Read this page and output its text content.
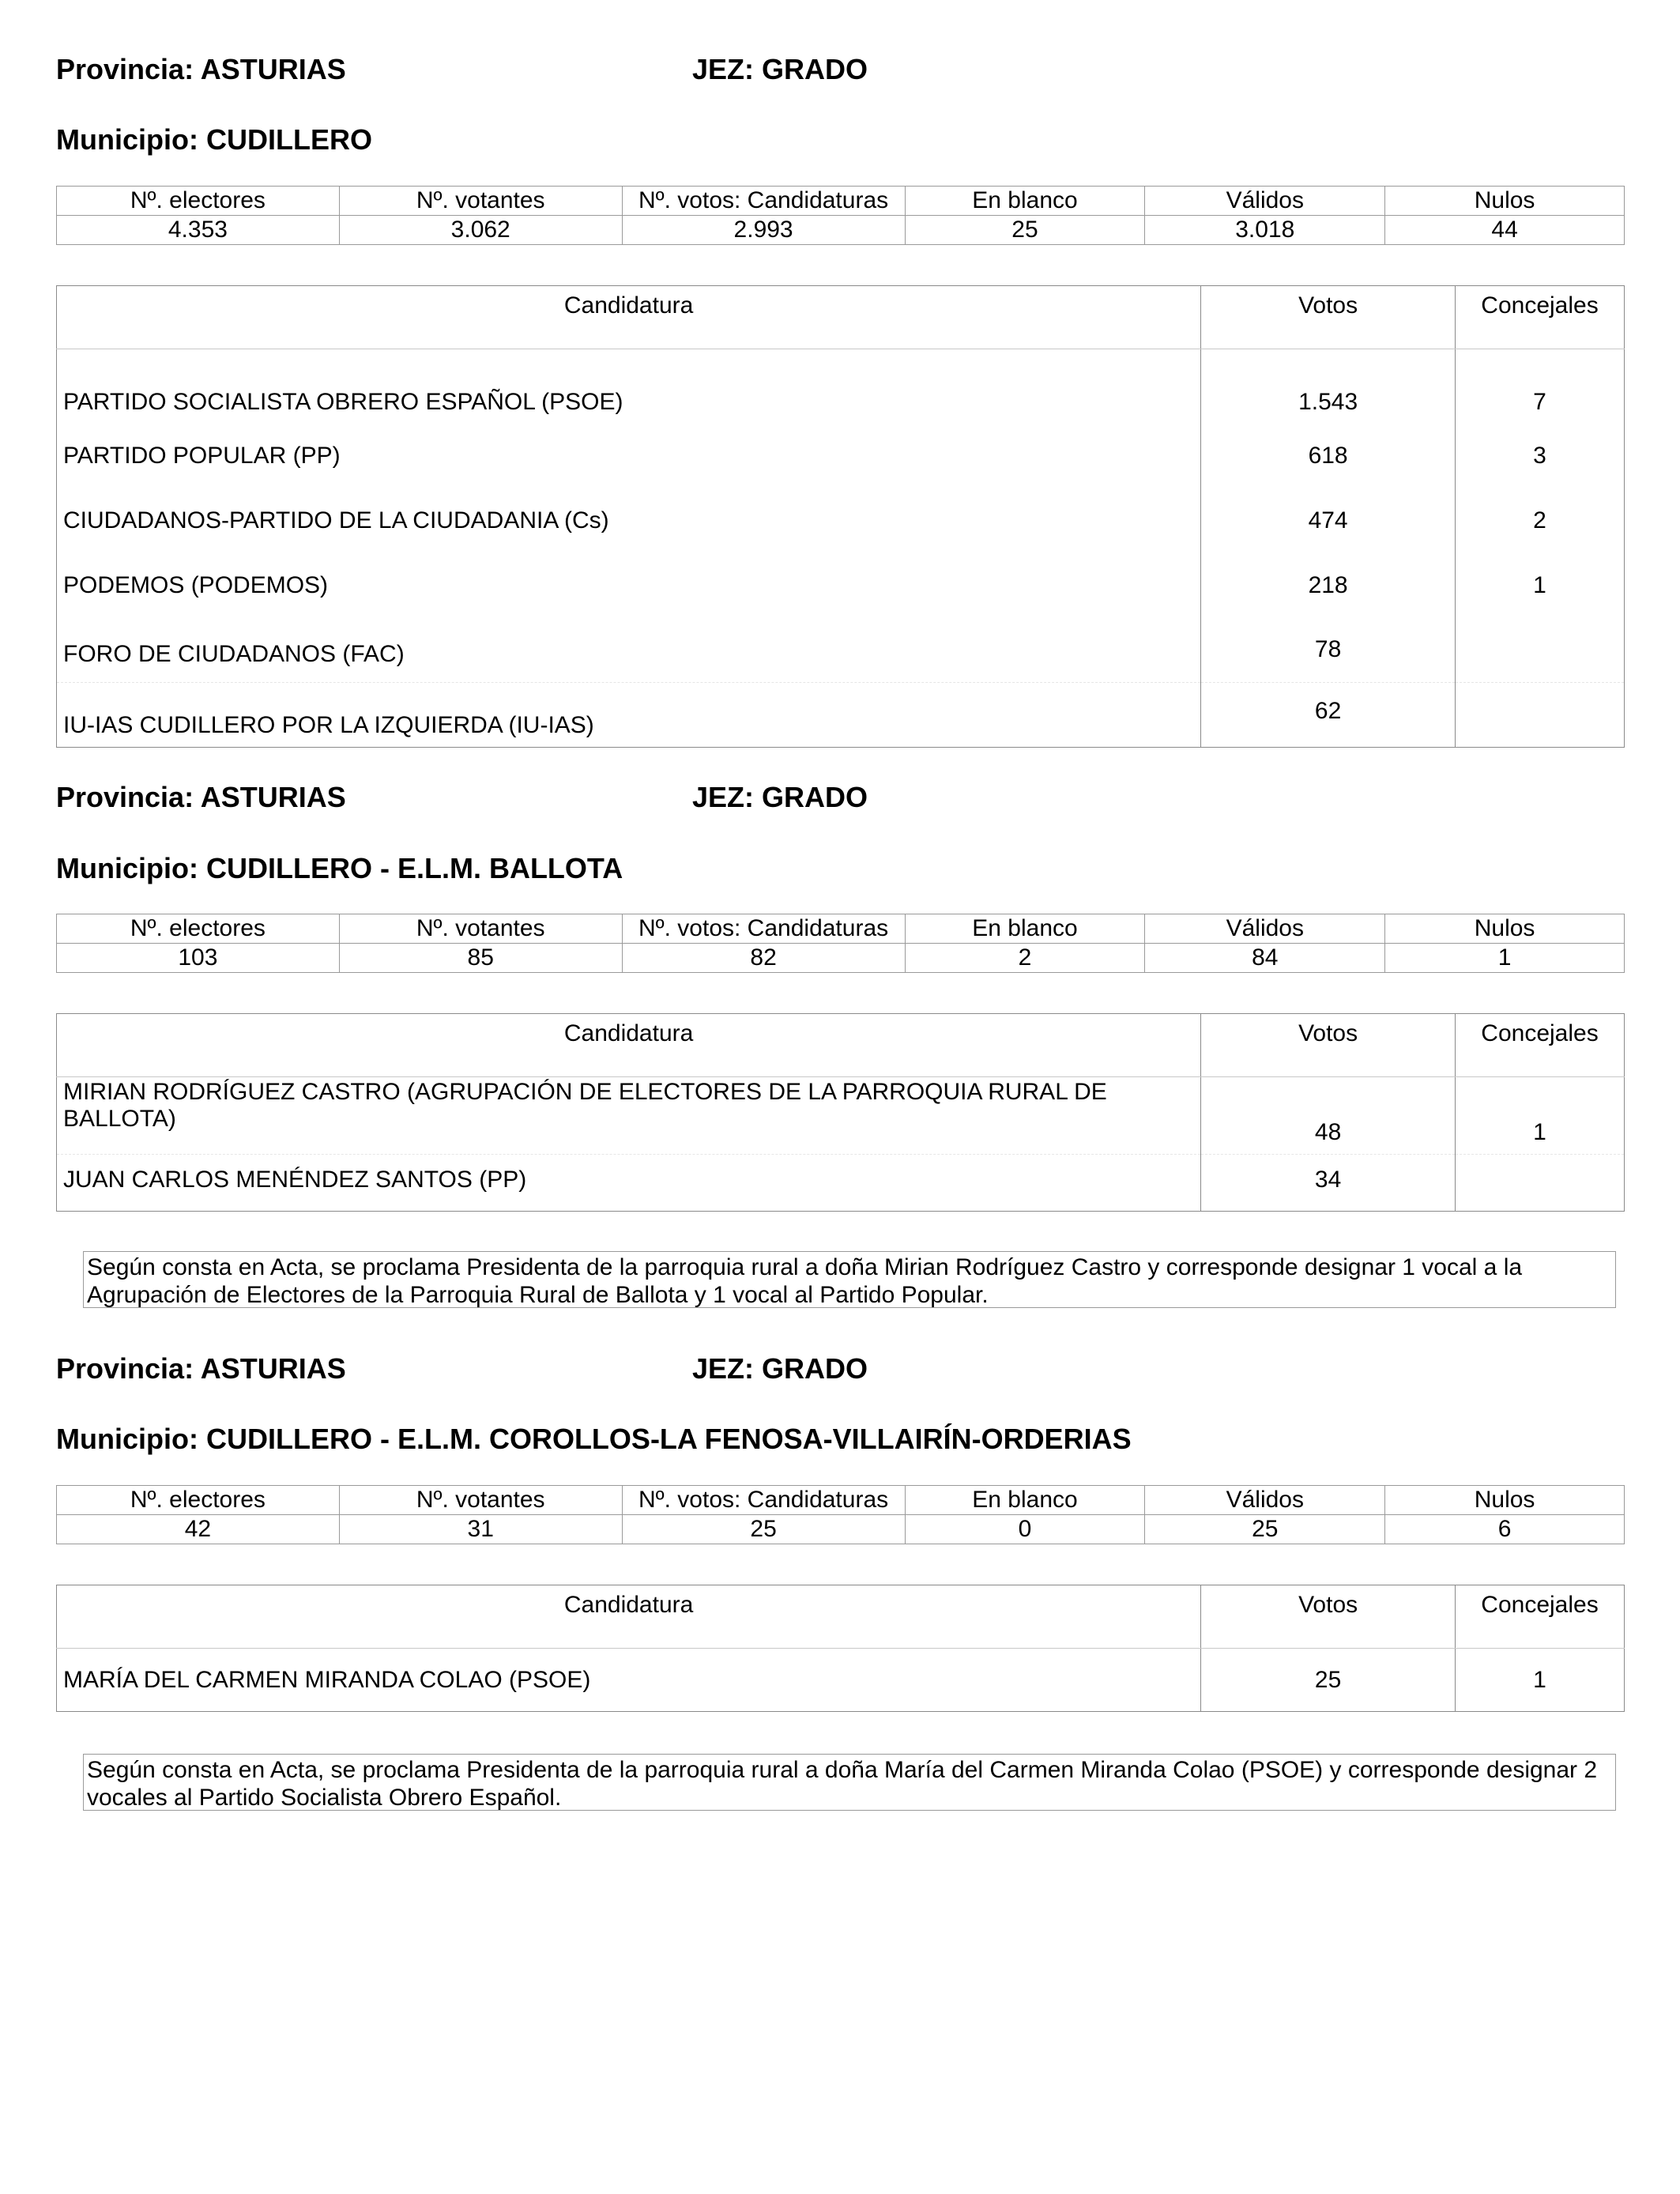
Provincia: ASTURIAS	JEZ: GRADO
Municipio: CUDILLERO
Nº. electores	Nº. votantes	Nº. votos: Candidaturas	En blanco	Válidos	Nulos
4.353	3.062	2.993	25	3.018	44
Candidatura	Votos	Concejales
PARTIDO SOCIALISTA OBRERO ESPAÑOL (PSOE)	1.543	7
PARTIDO POPULAR (PP)	618	3
CIUDADANOS-PARTIDO DE LA CIUDADANIA (Cs)	474	2
PODEMOS (PODEMOS)	218	1
FORO DE CIUDADANOS (FAC)	78	
IU-IAS CUDILLERO POR LA IZQUIERDA (IU-IAS)	62	
Provincia: ASTURIAS	JEZ: GRADO
Municipio: CUDILLERO - E.L.M. BALLOTA
Nº. electores	Nº. votantes	Nº. votos: Candidaturas	En blanco	Válidos	Nulos
103	85	82	2	84	1
Candidatura	Votos	Concejales
MIRIAN RODRÍGUEZ CASTRO (AGRUPACIÓN DE ELECTORES DE LA PARROQUIA RURAL DE BALLOTA)	48	1
JUAN CARLOS MENÉNDEZ SANTOS (PP)	34	
Según consta en Acta, se proclama Presidenta de la parroquia rural a doña Mirian Rodríguez Castro y corresponde designar 1 vocal a la Agrupación de Electores de la Parroquia Rural de Ballota y 1 vocal al Partido Popular.
Provincia: ASTURIAS	JEZ: GRADO
Municipio: CUDILLERO - E.L.M. COROLLOS-LA FENOSA-VILLAIRÍN-ORDERIAS
Nº. electores	Nº. votantes	Nº. votos: Candidaturas	En blanco	Válidos	Nulos
42	31	25	0	25	6
Candidatura	Votos	Concejales
MARÍA DEL CARMEN MIRANDA COLAO (PSOE)	25	1
Según consta en Acta, se proclama Presidenta de la parroquia rural a doña María del Carmen Miranda Colao (PSOE) y corresponde designar 2 vocales al Partido Socialista Obrero Español.
